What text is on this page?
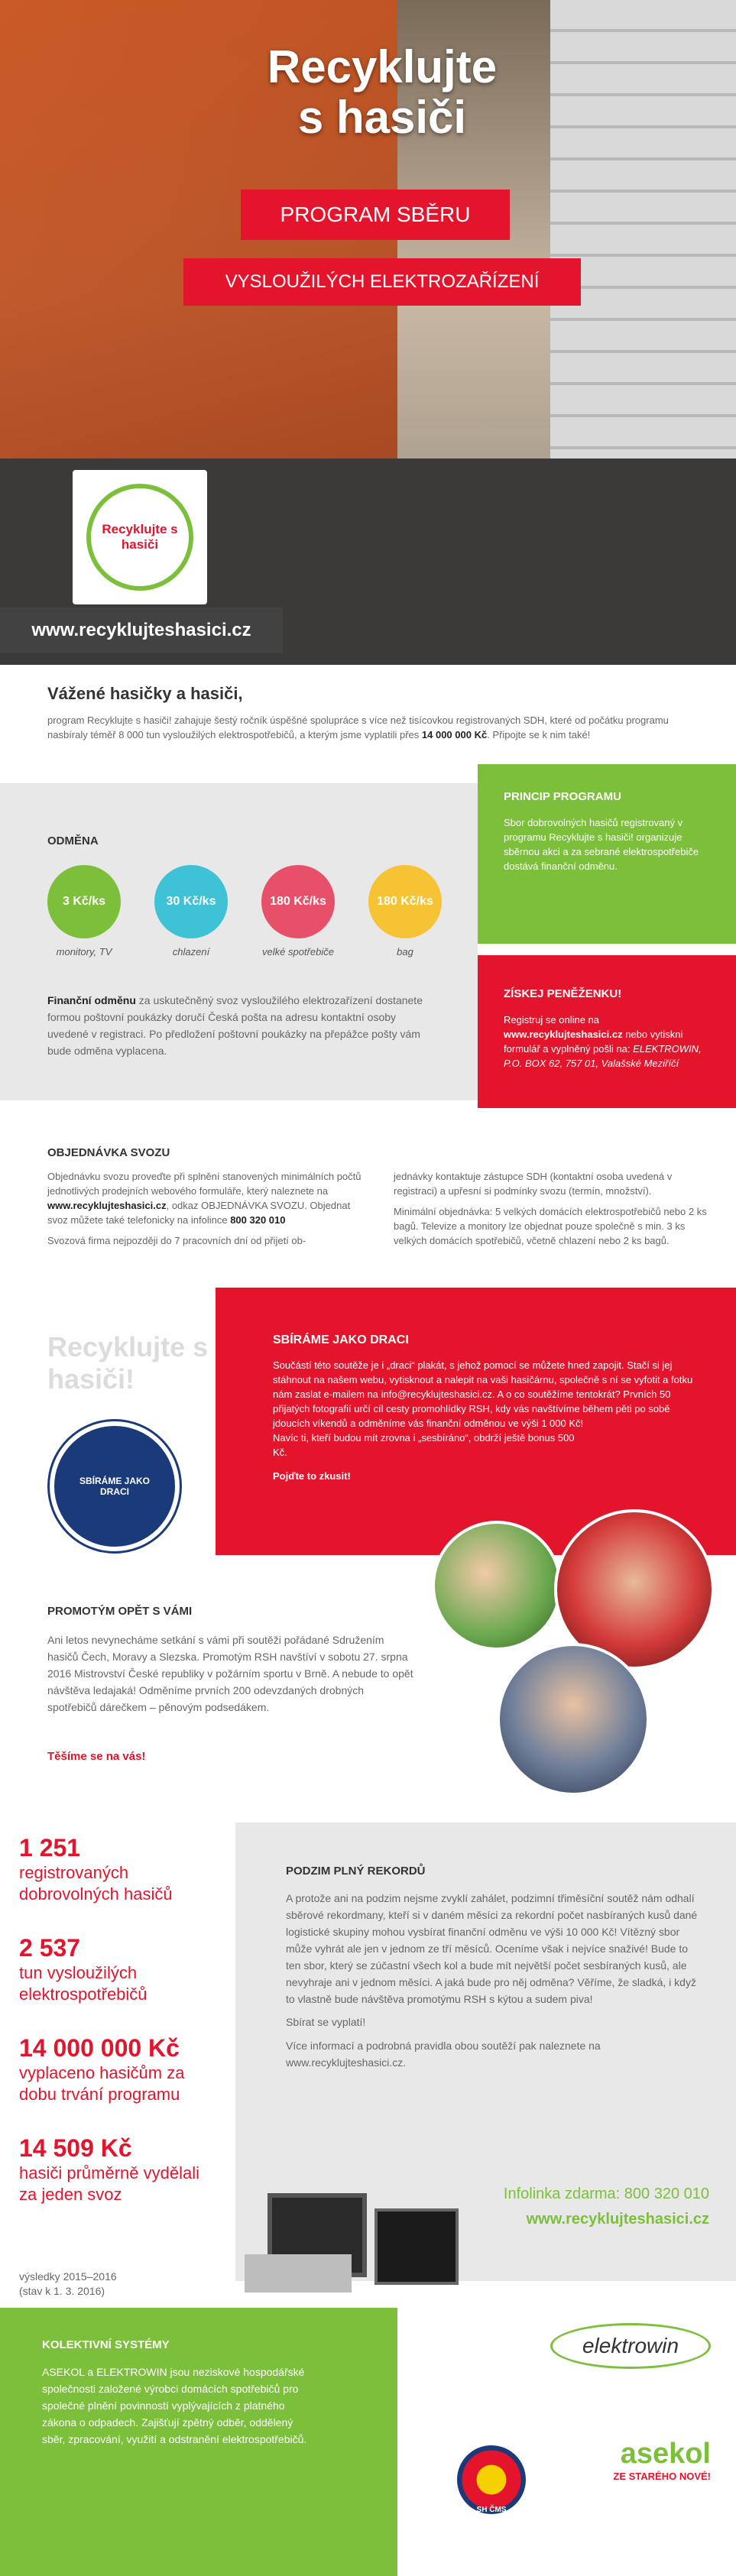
Recyklujte
s hasiči
PROGRAM SBĚRU
VYSLOUŽILÝCH ELEKTROZAŘÍZENÍ
Recyklujte s hasiči
www.recyklujteshasici.cz
Vážené hasičky a hasiči,
program Recyklujte s hasiči! zahajuje šestý ročník úspěšné spolupráce s více než tisícovkou registrovaných SDH, které od počátku programu nasbíraly téměř 8 000 tun vysloužilých elektrospotřebičů, a kterým jsme vyplatili přes 14 000 000 Kč. Připojte se k nim také!
ODMĚNA
3 Kč/ks
monitory, TV
30 Kč/ks
chlazení
180 Kč/ks
velké spotřebiče
180 Kč/ks
bag
Finanční odměnu za uskutečněný svoz vysloužilého elektrozařízení dostanete formou poštovní poukázky doručí Česká pošta na adresu kontaktní osoby uvedené v registraci. Po předložení poštovní poukázky na přepážce pošty vám bude odměna vyplacena.
PRINCIP PROGRAMU
Sbor dobrovolných hasičů registrovaný v programu Recyklujte s hasiči! organizuje sběrnou akci a za sebrané elektrospotřebiče dostává finanční odměnu.
ZÍSKEJ PENĚŽENKU!
Registruj se online na www.recyklujteshasici.cz nebo vytiskni formulář a vyplněný pošli na: ELEKTROWIN, P.O. BOX 62, 757 01, Valašské Meziříčí
OBJEDNÁVKA SVOZU
Objednávku svozu proveďte při splnění stanovených minimálních počtů jednotlivých prodejních webového formuláře, který naleznete na www.recyklujteshasici.cz, odkaz OBJEDNÁVKA SVOZU. Objednat svoz můžete také telefonicky na infolince 800 320 010

Svozová firma nejpozději do 7 pracovních dní od přijetí ob-

jednávky kontaktuje zástupce SDH (kontaktní osoba uvedená v registraci) a upřesní si podmínky svozu (termín, množství).

Minimální objednávka: 5 velkých domácích elektrospotřebičů nebo 2 ks bagů. Televize a monitory lze objednat pouze společně s min. 3 ks velkých domácích spotřebičů, včetně chlazení nebo 2 ks bagů.

Recyklujte s hasiči!
SBÍRÁME JAKO DRACI
SBÍRÁME JAKO DRACI

Součástí této soutěže je i „draci“ plakát, s jehož pomocí se můžete hned zapojit. Stačí si jej stáhnout na našem webu, vytisknout a nalepit na vaši hasičárnu, společně s ní se vyfotit a fotku nám zaslat e-mailem na info@recyklujteshasici.cz. A o co soutěžíme tentokrát? Prvních 50 přijatých fotografií určí cíl cesty promohlídky RSH, kdy vás navštívíme během pěti po sobě jdoucích víkendů a odměníme vás finanční odměnou ve výši 1 000 Kč!

Navíc ti, kteří budou mít zrovna i „sesbíráno“, obdrží ještě bonus 500 Kč.

Pojďte to zkusit!

PROMOTÝM OPĚT S VÁMI
Ani letos nevynecháme setkání s vámi při soutěži pořádané Sdružením hasičů Čech, Moravy a Slezska. Promotým RSH navštíví v sobotu 27. srpna 2016 Mistrovství České republiky v požárním sportu v Brně. A nebude to opět návštěva ledajaká! Odměníme prvních 200 odevzdaných drobných spotřebičů dárečkem – pěnovým podsedákem.
Těšíme se na vás!
1 251
registrovaných dobrovolných hasičů
2 537
tun vysloužilých elektrospotřebičů
14 000 000 Kč
vyplaceno hasičům za dobu trvání programu
14 509 Kč
hasiči průměrně vydělali za jeden svoz
výsledky 2015–2016
(stav k 1. 3. 2016)
PODZIM PLNÝ REKORDŮ

A protože ani na podzim nejsme zvyklí zahálet, podzimní třiměsíční soutěž nám odhalí sběrové rekordmany, kteří si v daném měsíci za rekordní počet nasbíraných kusů dané logistické skupiny mohou vysbírat finanční odměnu ve výši 10 000 Kč! Vítězný sbor může vyhrát ale jen v jednom ze tří měsíců. Oceníme však i nejvíce snaživé! Bude to ten sbor, který se zúčastní všech kol a bude mít největší počet sesbíraných kusů, ale nevyhraje ani v jednom měsíci. A jaká bude pro něj odměna? Věříme, že sladká, i když to vlastně bude návštěva promotýmu RSH s kýtou a sudem piva!

Sbírat se vyplatí!

Více informací a podrobná pravidla obou soutěží pak naleznete na www.recyklujteshasici.cz.

Infolinka zdarma: 800 320 010
www.recyklujteshasici.cz
KOLEKTIVNÍ SYSTÉMY

ASEKOL a ELEKTROWIN jsou neziskové hospodářské společnosti založené výrobci domácích spotřebičů pro společné plnění povinností vyplývajících z platného zákona o odpadech. Zajišťují zpětný odběr, oddělený sběr, zpracování, využití a odstranění elektrospotřebičů.

elektrowin
SH ČMS
asekol
ZE STARÉHO NOVÉ!
